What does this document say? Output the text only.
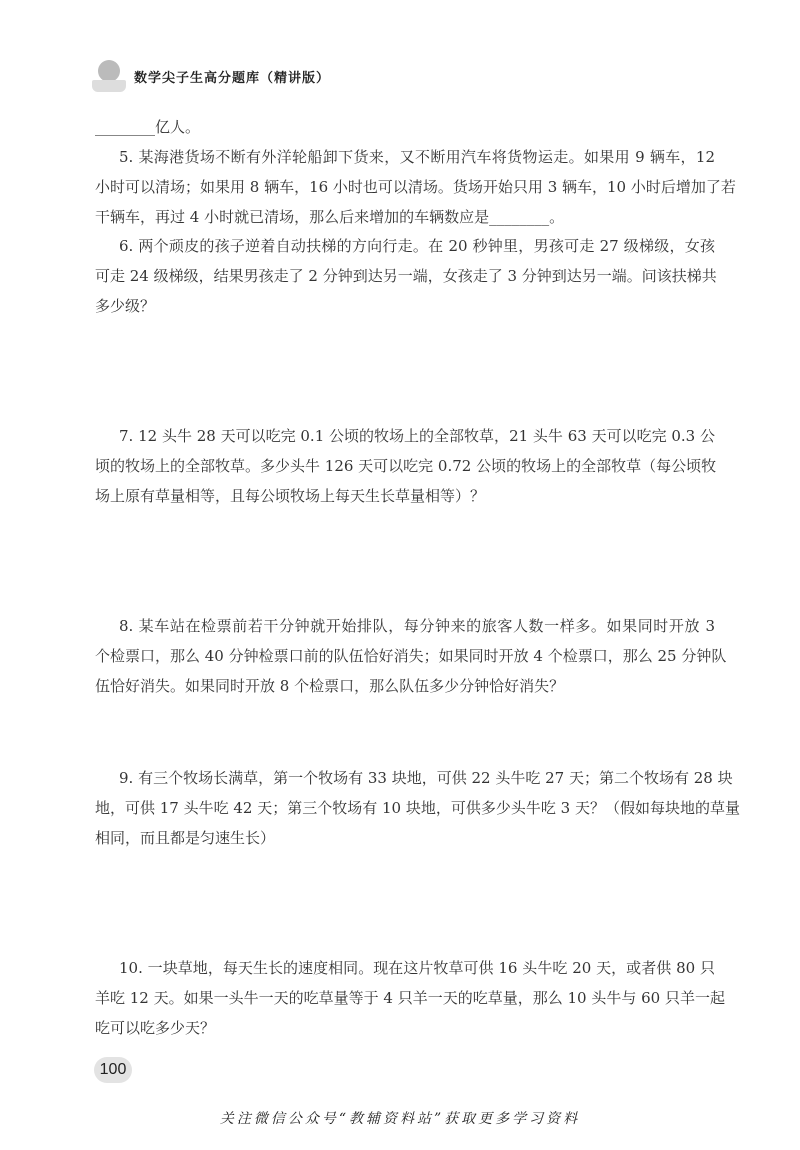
数学尖子生高分题库（精讲版）
________亿人。
5. 某海港货场不断有外洋轮船卸下货来，又不断用汽车将货物运走。如果用 9 辆车，12
小时可以清场；如果用 8 辆车，16 小时也可以清场。货场开始只用 3 辆车，10 小时后增加了若
干辆车，再过 4 小时就已清场，那么后来增加的车辆数应是________。
6. 两个顽皮的孩子逆着自动扶梯的方向行走。在 20 秒钟里，男孩可走 27 级梯级，女孩
可走 24 级梯级，结果男孩走了 2 分钟到达另一端，女孩走了 3 分钟到达另一端。问该扶梯共
多少级？
7. 12 头牛 28 天可以吃完 0.1 公顷的牧场上的全部牧草，21 头牛 63 天可以吃完 0.3 公
顷的牧场上的全部牧草。多少头牛 126 天可以吃完 0.72 公顷的牧场上的全部牧草（每公顷牧
场上原有草量相等，且每公顷牧场上每天生长草量相等）？
8. 某车站在检票前若干分钟就开始排队，每分钟来的旅客人数一样多。如果同时开放 3
个检票口，那么 40 分钟检票口前的队伍恰好消失；如果同时开放 4 个检票口，那么 25 分钟队
伍恰好消失。如果同时开放 8 个检票口，那么队伍多少分钟恰好消失？
9. 有三个牧场长满草，第一个牧场有 33 块地，可供 22 头牛吃 27 天；第二个牧场有 28 块
地，可供 17 头牛吃 42 天；第三个牧场有 10 块地，可供多少头牛吃 3 天？（假如每块地的草量
相同，而且都是匀速生长）
10. 一块草地，每天生长的速度相同。现在这片牧草可供 16 头牛吃 20 天，或者供 80 只
羊吃 12 天。如果一头牛一天的吃草量等于 4 只羊一天的吃草量，那么 10 头牛与 60 只羊一起
吃可以吃多少天？
100
关注微信公众号“教辅资料站”获取更多学习资料
